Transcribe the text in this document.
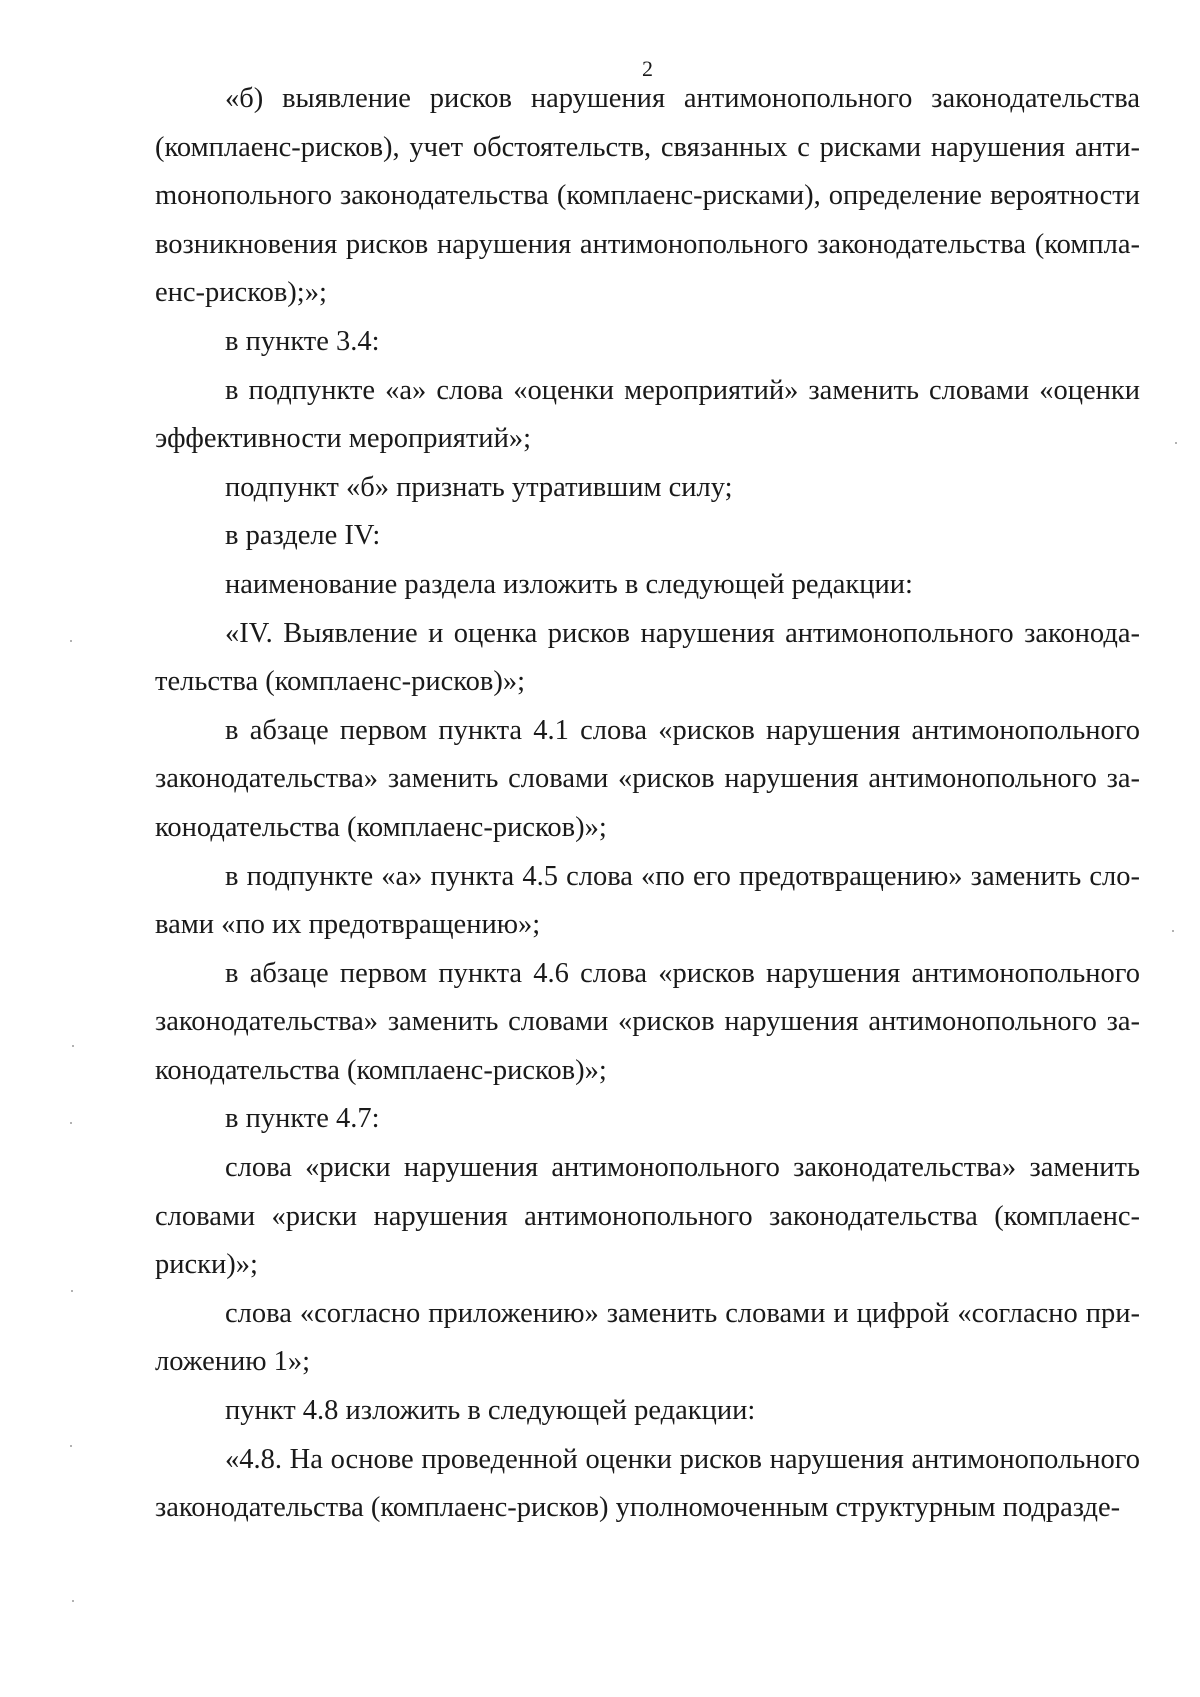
2

«б) выявление рисков нарушения антимонопольного законодательства (комплаенс-рисков), учет обстоятельств, связанных с рисками нарушения антиmонопольного законодательства (комплаенс-рисками), определение вероятности возникновения рисков нарушения антимонопольного законодательства (комплаенс-рисков);»;

в пункте 3.4:

в подпункте «а» слова «оценки мероприятий» заменить словами «оценки эффективности мероприятий»;

подпункт «б» признать утратившим силу;

в разделе IV:

наименование раздела изложить в следующей редакции:

«IV. Выявление и оценка рисков нарушения антимонопольного законодательства (комплаенс-рисков)»;

в абзаце первом пункта 4.1 слова «рисков нарушения антимонопольного законодательства» заменить словами «рисков нарушения антимонопольного законодательства (комплаенс-рисков)»;

в подпункте «а» пункта 4.5 слова «по его предотвращению» заменить словами «по их предотвращению»;

в абзаце первом пункта 4.6 слова «рисков нарушения антимонопольного законодательства» заменить словами «рисков нарушения антимонопольного законодательства (комплаенс-рисков)»;

в пункте 4.7:

слова «риски нарушения антимонопольного законодательства» заменить словами «риски нарушения антимонопольного законодательства (комплаенс-риски)»;

слова «согласно приложению» заменить словами и цифрой «согласно приложению 1»;

пункт 4.8 изложить в следующей редакции:

«4.8. На основе проведенной оценки рисков нарушения антимонопольного законодательства (комплаенс-рисков) уполномоченным структурным подразде-
